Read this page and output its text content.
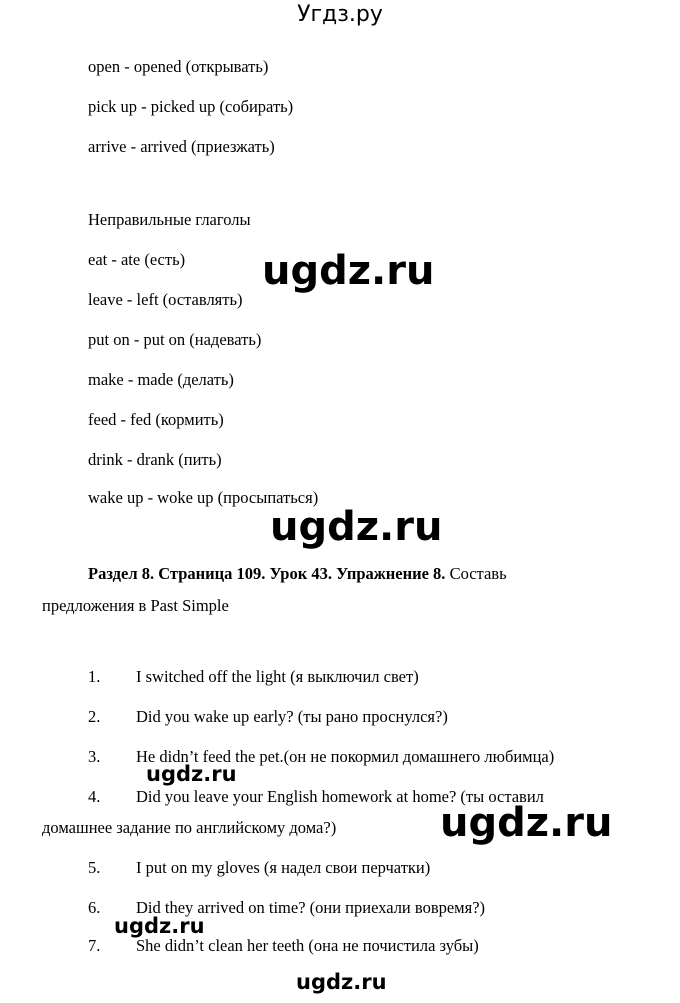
Угдз.ру
open - opened (открывать)
pick up - picked up (собирать)
arrive - arrived (приезжать)
Неправильные глаголы
eat - ate (есть)
leave - left (оставлять)
put on - put on (надевать)
make - made (делать)
feed - fed (кормить)
drink - drank (пить)
wake up - woke up (просыпаться)
Раздел 8. Страница 109. Урок 43. Упражнение 8. Составь
предложения в Past Simple
1. I switched off the light (я выключил свет)
2. Did you wake up early? (ты рано проснулся?)
3. He didn’t feed the pet.(он не покормил домашнего любимца)
4. Did you leave your English homework at home? (ты оставил
домашнее задание по английскому дома?)
5. I put on my gloves (я надел свои перчатки)
6. Did they arrived on time? (они приехали вовремя?)
7. She didn’t clean her teeth (она не почистила зубы)
ugdz.ru
ugdz.ru
ugdz.ru
ugdz.ru
ugdz.ru
ugdz.ru
